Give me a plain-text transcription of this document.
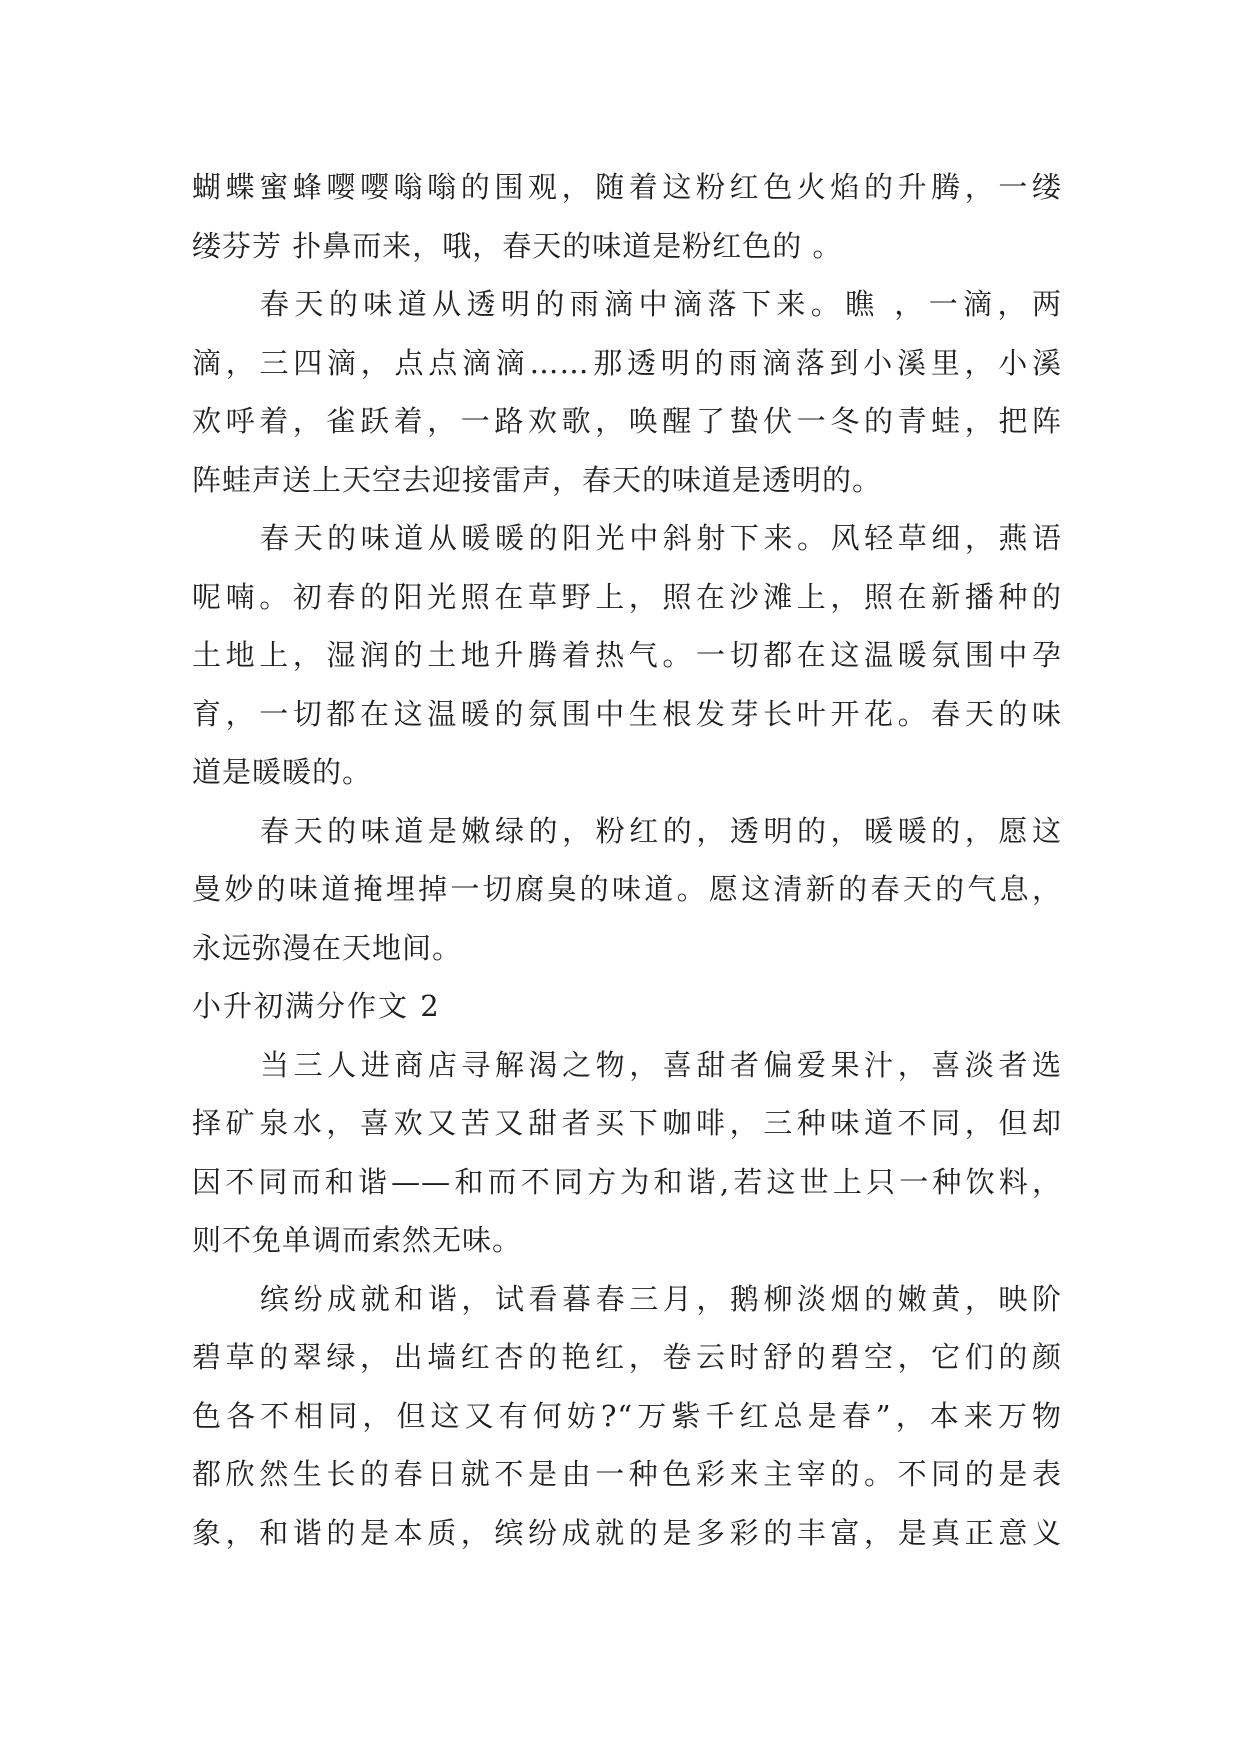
蝴蝶蜜蜂嘤嘤嗡嗡的围观，随着这粉红色火焰的升腾，一缕
缕芬芳 扑鼻而来，哦，春天的味道是粉红色的 。
春天的味道从透明的雨滴中滴落下来。瞧 ，一滴，两
滴，三四滴，点点滴滴……那透明的雨滴落到小溪里，小溪
欢呼着，雀跃着，一路欢歌，唤醒了蛰伏一冬的青蛙，把阵
阵蛙声送上天空去迎接雷声，春天的味道是透明的。
春天的味道从暖暖的阳光中斜射下来。风轻草细，燕语
呢喃。初春的阳光照在草野上，照在沙滩上，照在新播种的
土地上，湿润的土地升腾着热气。一切都在这温暖氛围中孕
育，一切都在这温暖的氛围中生根发芽长叶开花。春天的味
道是暖暖的。
春天的味道是嫩绿的，粉红的，透明的，暖暖的，愿这
曼妙的味道掩埋掉一切腐臭的味道。愿这清新的春天的气息，
永远弥漫在天地间。
小升初满分作文 2
当三人进商店寻解渴之物，喜甜者偏爱果汁，喜淡者选
择矿泉水，喜欢又苦又甜者买下咖啡，三种味道不同，但却
因不同而和谐——和而不同方为和谐,若这世上只一种饮料，
则不免单调而索然无味。
缤纷成就和谐，试看暮春三月，鹅柳淡烟的嫩黄，映阶
碧草的翠绿，出墙红杏的艳红，卷云时舒的碧空，它们的颜
色各不相同，但这又有何妨?“万紫千红总是春”，本来万物
都欣然生长的春日就不是由一种色彩来主宰的。不同的是表
象，和谐的是本质，缤纷成就的是多彩的丰富，是真正意义
